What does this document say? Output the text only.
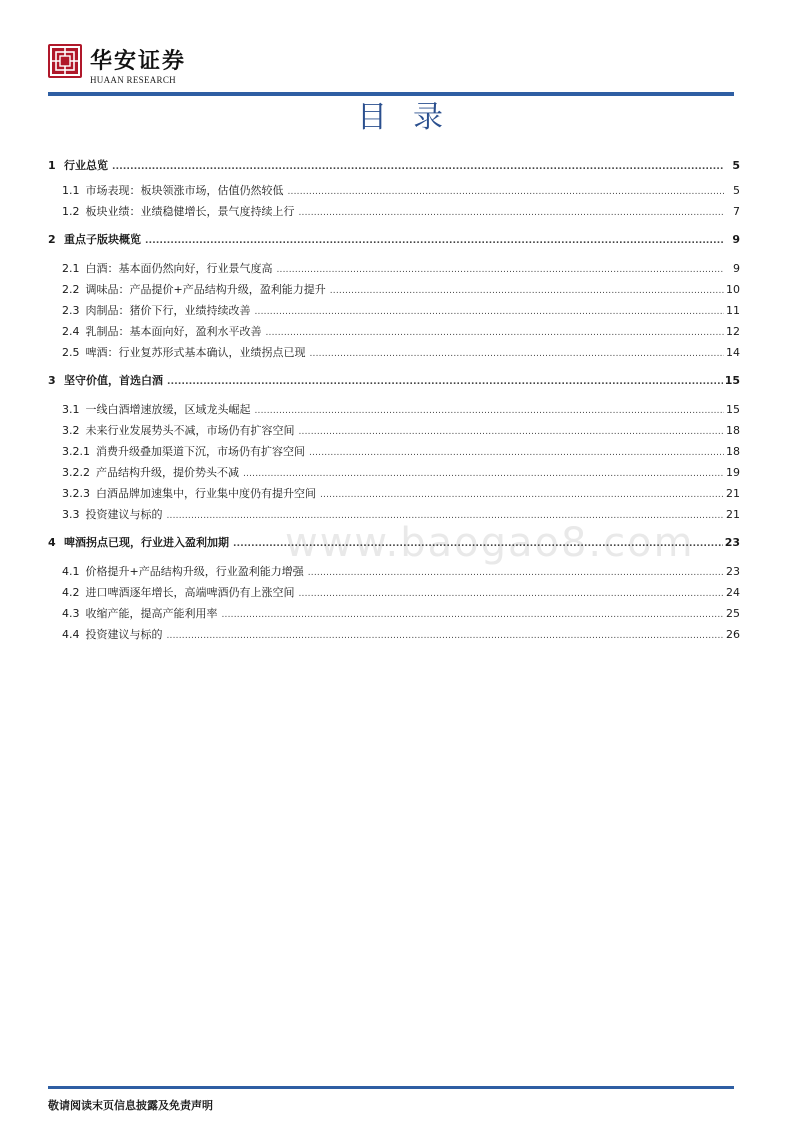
华安证券
HUAAN RESEARCH
目录
www.baogao8.com
1 行业总览 .....	5
1.1 市场表现：板块领涨市场，估值仍然较低 .....	5
1.2 板块业绩：业绩稳健增长，景气度持续上行 .....	7
2 重点子版块概览 .....	9
2.1 白酒：基本面仍然向好，行业景气度高 .....	9
2.2 调味品：产品提价+产品结构升级，盈利能力提升 .....	10
2.3 肉制品：猪价下行，业绩持续改善 .....	11
2.4 乳制品：基本面向好，盈利水平改善 .....	12
2.5 啤酒：行业复苏形式基本确认，业绩拐点已现 .....	14
3 坚守价值，首选白酒 .....	15
3.1 一线白酒增速放缓，区域龙头崛起 .....	15
3.2 未来行业发展势头不减，市场仍有扩容空间 .....	18
3.2.1 消费升级叠加渠道下沉，市场仍有扩容空间 .....	18
3.2.2 产品结构升级，提价势头不减 .....	19
3.2.3 白酒品牌加速集中，行业集中度仍有提升空间 .....	21
3.3 投资建议与标的 .....	21
4 啤酒拐点已现，行业进入盈利加期 .....	23
4.1 价格提升+产品结构升级，行业盈利能力增强 .....	23
4.2 进口啤酒逐年增长，高端啤酒仍有上涨空间 .....	24
4.3 收缩产能，提高产能利用率 .....	25
4.4 投资建议与标的 .....	26
敬请阅读末页信息披露及免责声明
